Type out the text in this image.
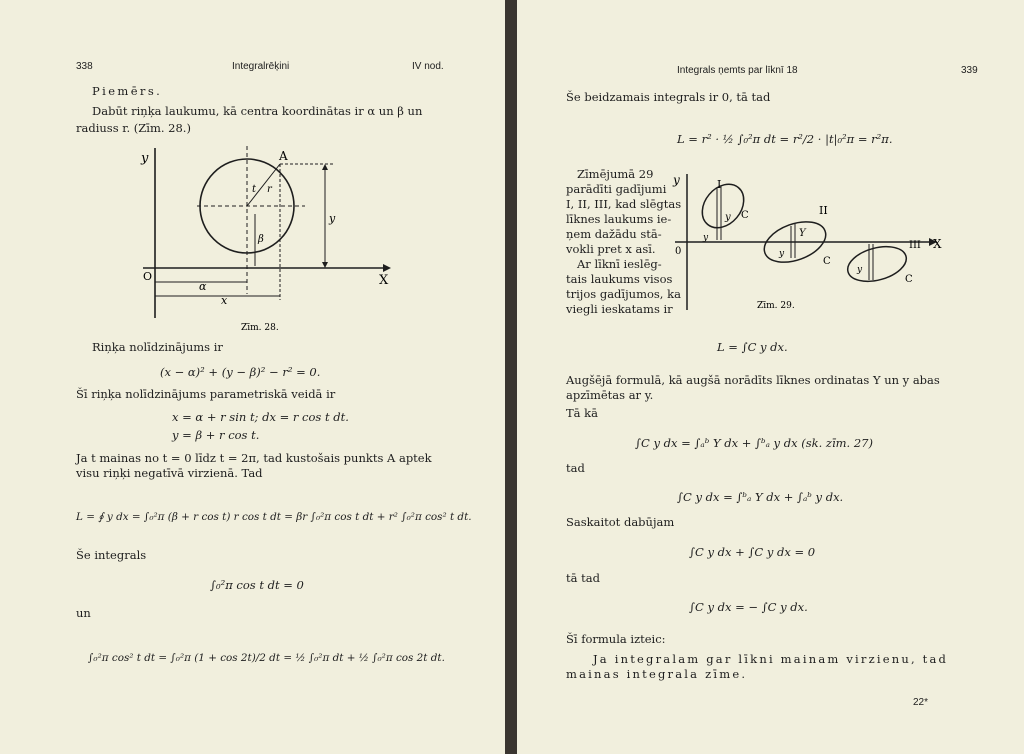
338	Integralrēķini	IV nod.
Piemērs.
Dabūt riņķa laukumu, kā centra koordinātas ir α un β un
radiuss r. (Zīm. 28.)
y
X
O
A
t r
β
y
α
x
Zīm. 28.
Riņķa nolīdzinājums ir
(x − α)² + (y − β)² − r² = 0.
Šī riņķa nolīdzinājums parametriskā veidā ir
x = α + r sin t; dx = r cos t dt.
y = β + r cos t.
Ja t mainas no t = 0 līdz t = 2π, tad kustošais punkts A aptek
visu riņķi negatīvā virzienā. Tad
L = ∮ y dx = ∫₀²π (β + r cos t) r cos t dt = βr ∫₀²π cos t dt + r² ∫₀²π cos² t dt.
Še integrals
∫₀²π cos t dt = 0
un
∫₀²π cos² t dt = ∫₀²π (1 + cos 2t)/2 dt = ½ ∫₀²π dt + ½ ∫₀²π cos 2t dt.
Integrals ņemts par līknī 18	339
Še beidzamais integrals ir 0, tā tad
L = r² · ½ ∫₀²π dt = r²/2 · |t|₀²π = r²π.
Zīmējumā 29
parādīti gadījumi
I, II, III, kad slēgtas
līknes laukums ie-
ņem dažādu stā-
vokli pret x asī.
Ar līknī ieslēg-
tais laukums visos
trijos gadījumos, ka
viegli ieskatams ir
y
X
0
I
II
III
C
C
C
y
y	Y
y
y
Zīm. 29.
L = ∫C y dx.
Augšējā formulā, kā augšā norādīts līknes ordinatas Y un y abas
apzīmētas ar y.
Tā kā
∫C y dx = ∫ₐᵇ Y dx + ∫ᵇₐ y dx (sk. zīm. 27)
tad
∫C y dx = ∫ᵇₐ Y dx + ∫ₐᵇ y dx.
Saskaitot dabūjam
∫C y dx + ∫C y dx = 0
tā tad
∫C y dx = − ∫C y dx.
Šī formula izteic:
Ja integralam gar līkni mainam virzienu, tad
mainas integrala zīme.
22*
